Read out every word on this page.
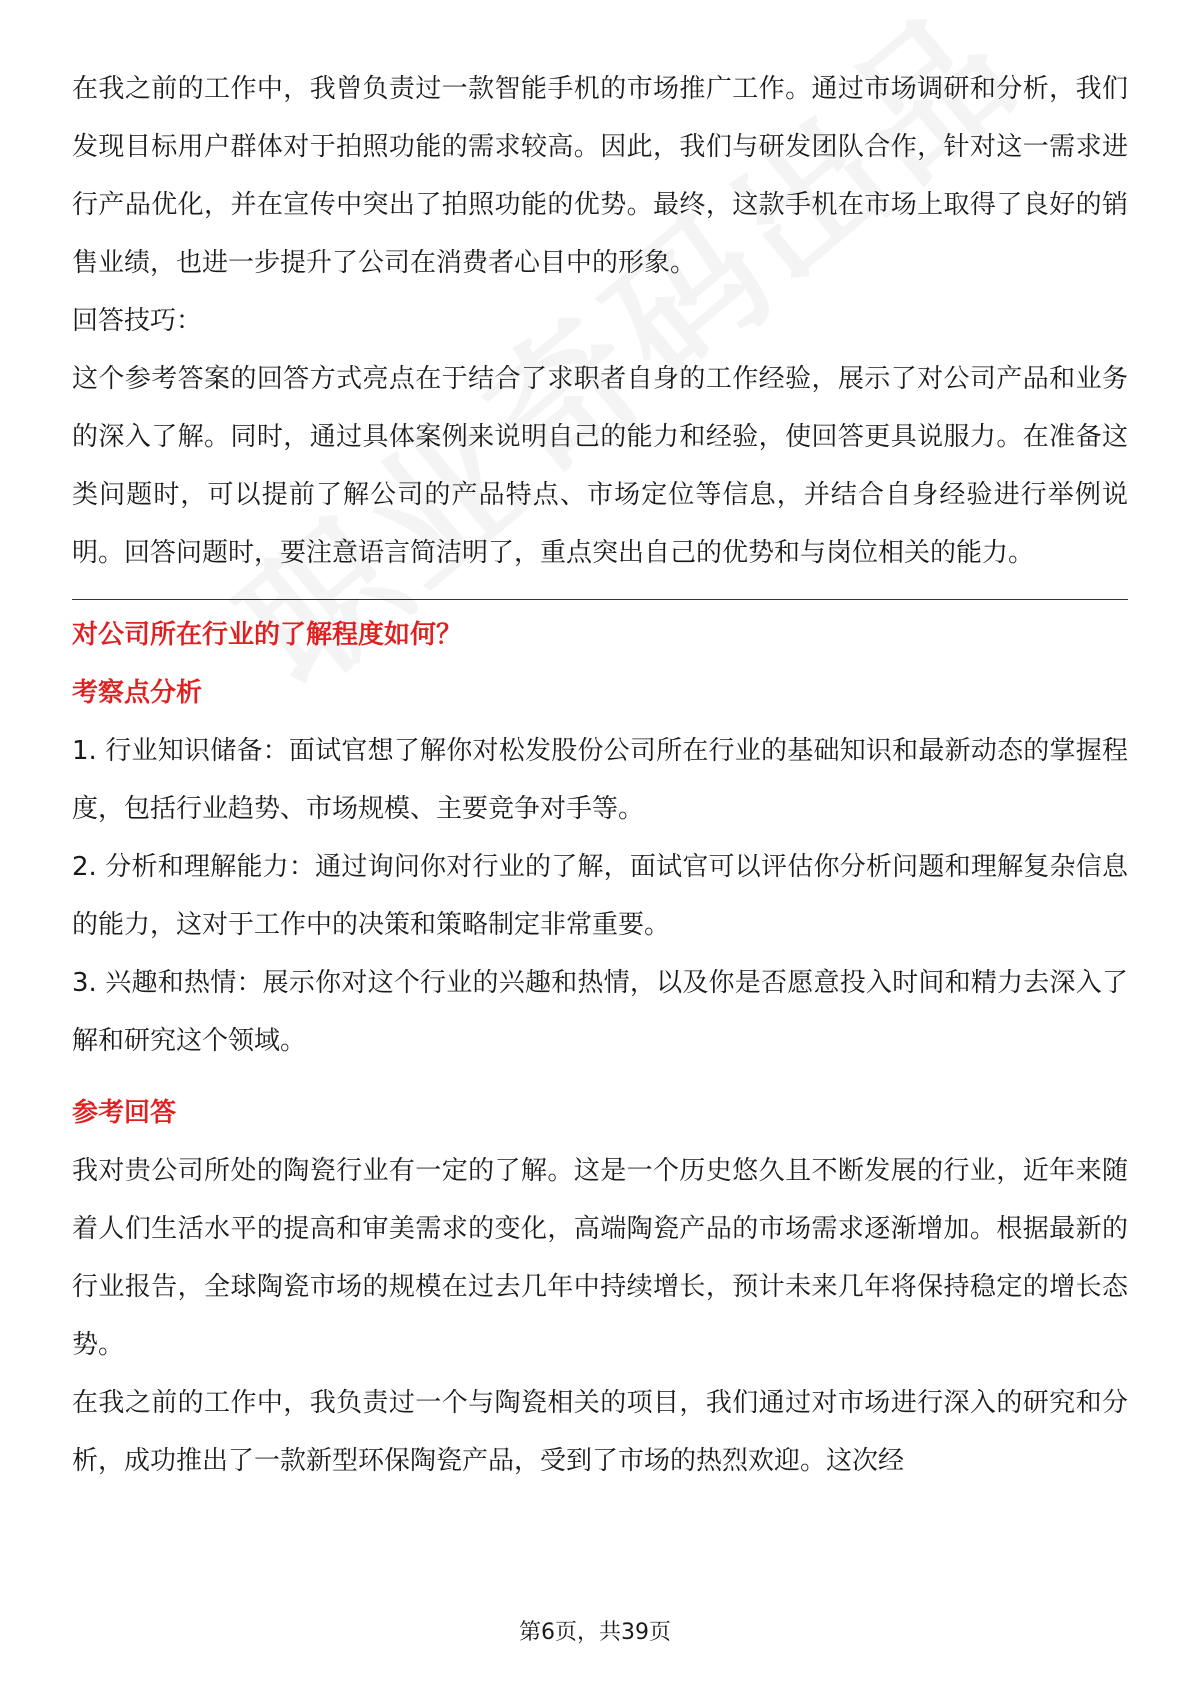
在我之前的工作中，我曾负责过一款智能手机的市场推广工作。通过市场调研和分析，我们发现目标用户群体对于拍照功能的需求较高。因此，我们与研发团队合作，针对这一需求进行产品优化，并在宣传中突出了拍照功能的优势。最终，这款手机在市场上取得了良好的销售业绩，也进一步提升了公司在消费者心目中的形象。

回答技巧：

这个参考答案的回答方式亮点在于结合了求职者自身的工作经验，展示了对公司产品和业务的深入了解。同时，通过具体案例来说明自己的能力和经验，使回答更具说服力。在准备这类问题时，可以提前了解公司的产品特点、市场定位等信息，并结合自身经验进行举例说明。回答问题时，要注意语言简洁明了，重点突出自己的优势和与岗位相关的能力。

对公司所在行业的了解程度如何？

考察点分析

1. 行业知识储备：面试官想了解你对松发股份公司所在行业的基础知识和最新动态的掌握程度，包括行业趋势、市场规模、主要竞争对手等。

2. 分析和理解能力：通过询问你对行业的了解，面试官可以评估你分析问题和理解复杂信息的能力，这对于工作中的决策和策略制定非常重要。

3. 兴趣和热情：展示你对这个行业的兴趣和热情，以及你是否愿意投入时间和精力去深入了解和研究这个领域。

参考回答

我对贵公司所处的陶瓷行业有一定的了解。这是一个历史悠久且不断发展的行业，近年来随着人们生活水平的提高和审美需求的变化，高端陶瓷产品的市场需求逐渐增加。根据最新的行业报告，全球陶瓷市场的规模在过去几年中持续增长，预计未来几年将保持稳定的增长态势。

在我之前的工作中，我负责过一个与陶瓷相关的项目，我们通过对市场进行深入的研究和分析，成功推出了一款新型环保陶瓷产品，受到了市场的热烈欢迎。这次经

第6页，共39页
